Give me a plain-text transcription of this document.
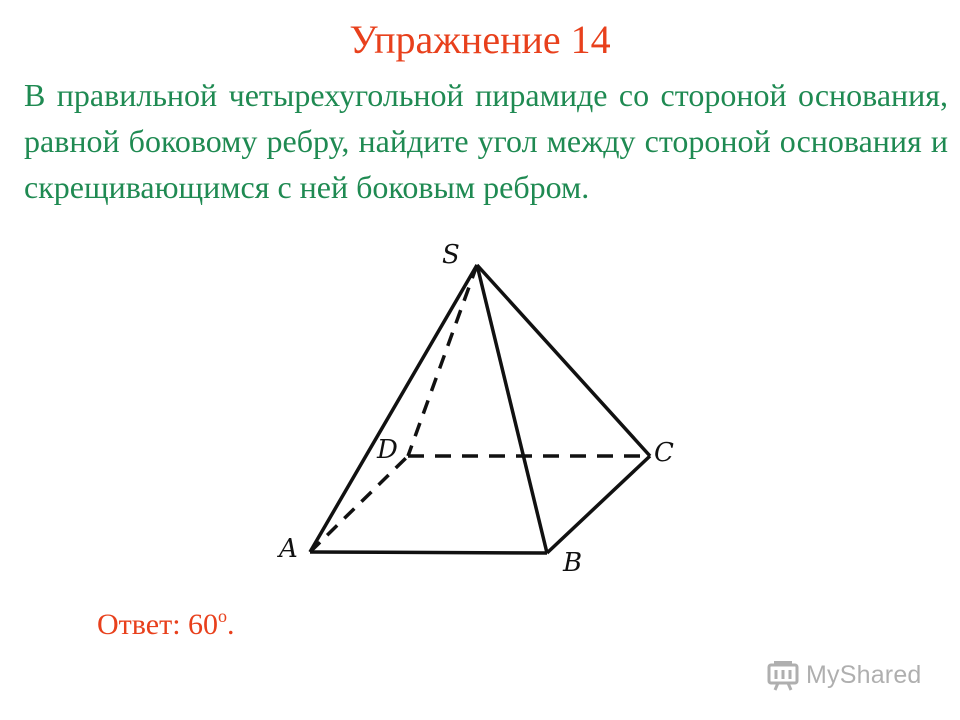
Упражнение 14
В правильной четырехугольной пирамиде со стороной основания, равной боковому ребру, найдите угол между стороной основания и скрещивающимся с ней боковым ребром.
S
D	C
A	B
Ответ: 60$^o$.
MyShared
